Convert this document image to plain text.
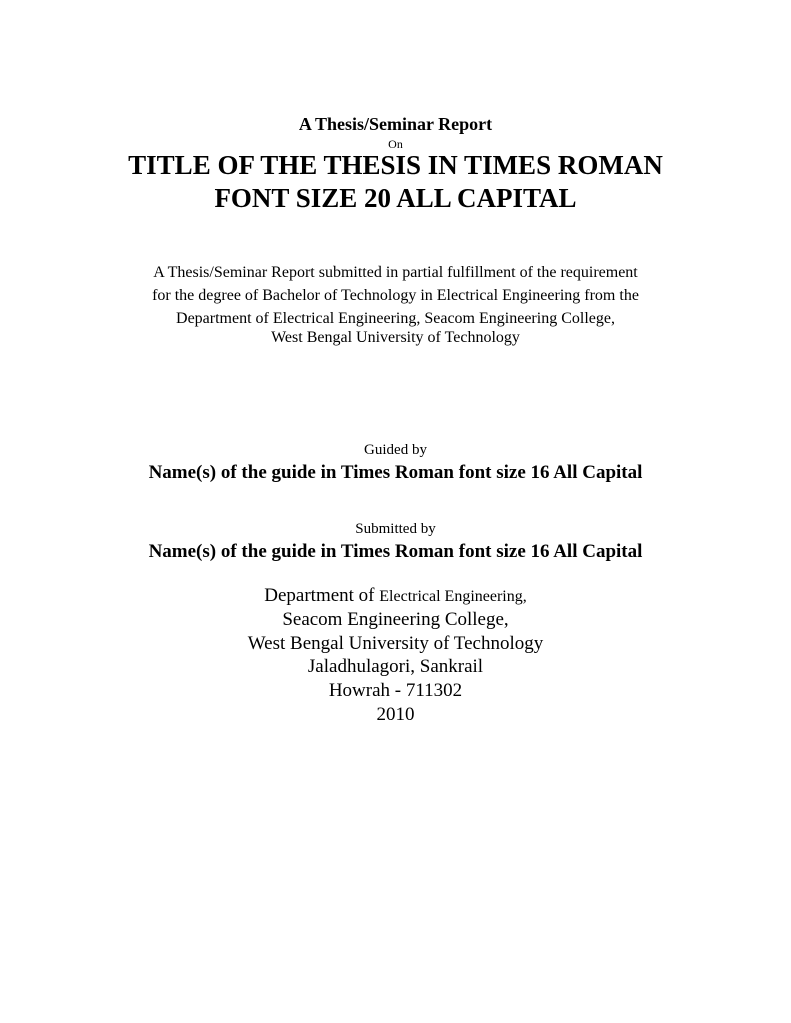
A Thesis/Seminar Report
On
TITLE OF THE THESIS IN TIMES ROMAN
FONT SIZE 20 ALL CAPITAL
A Thesis/Seminar Report submitted in partial fulfillment of the requirement
for the degree of Bachelor of Technology in Electrical Engineering from the
Department of Electrical Engineering, Seacom Engineering College,
West Bengal University of Technology
Guided by
Name(s) of the guide in Times Roman font size 16 All Capital
Submitted by
Name(s) of the guide in Times Roman font size 16 All Capital
Department of Electrical Engineering,
Seacom Engineering College,
West Bengal University of Technology
Jaladhulagori, Sankrail
Howrah - 711302
2010
